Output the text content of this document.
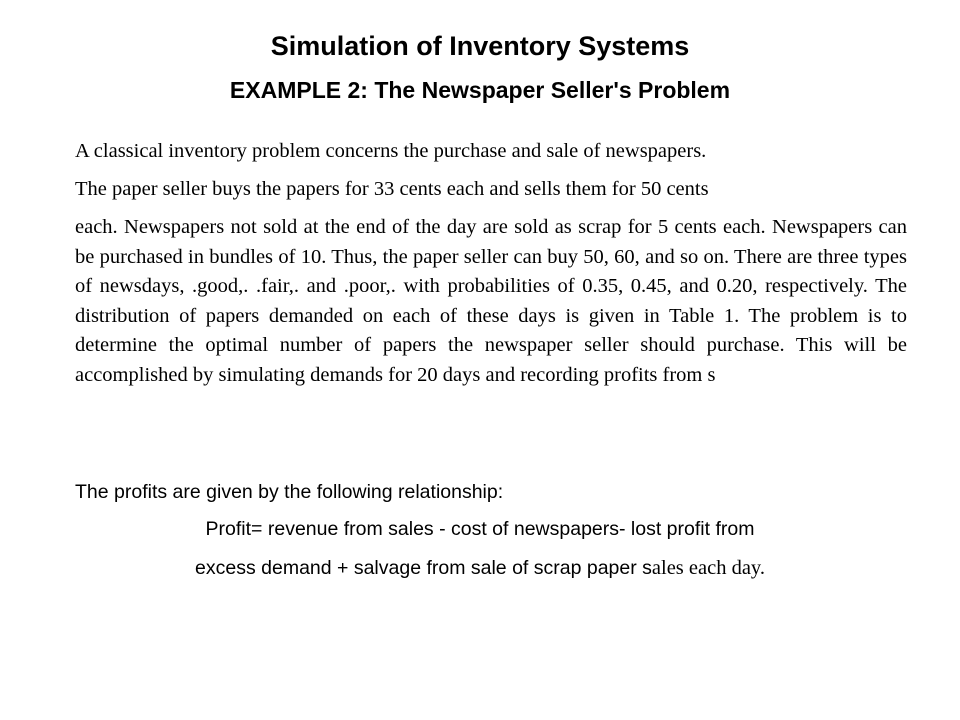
Simulation of Inventory Systems
EXAMPLE 2: The Newspaper Seller's Problem
A classical inventory problem concerns the purchase and sale of newspapers.
The paper seller buys the papers for 33 cents each and sells them for 50 cents
each. Newspapers not sold at the end of the day are sold as scrap for 5 cents each. Newspapers can be purchased in bundles of 10. Thus, the paper seller can buy 50, 60, and so on. There are three types of newsdays, .good,. .fair,. and .poor,. with probabilities of 0.35, 0.45, and 0.20, respectively. The distribution of papers demanded on each of these days is given in Table 1. The problem is to determine the optimal number of papers the newspaper seller should purchase. This will be accomplished by simulating demands for 20 days and recording profits from s
The profits are given by the following relationship:
Profit= revenue from sales - cost of newspapers- lost profit from
excess demand + salvage from sale of scrap paper sales each day.
